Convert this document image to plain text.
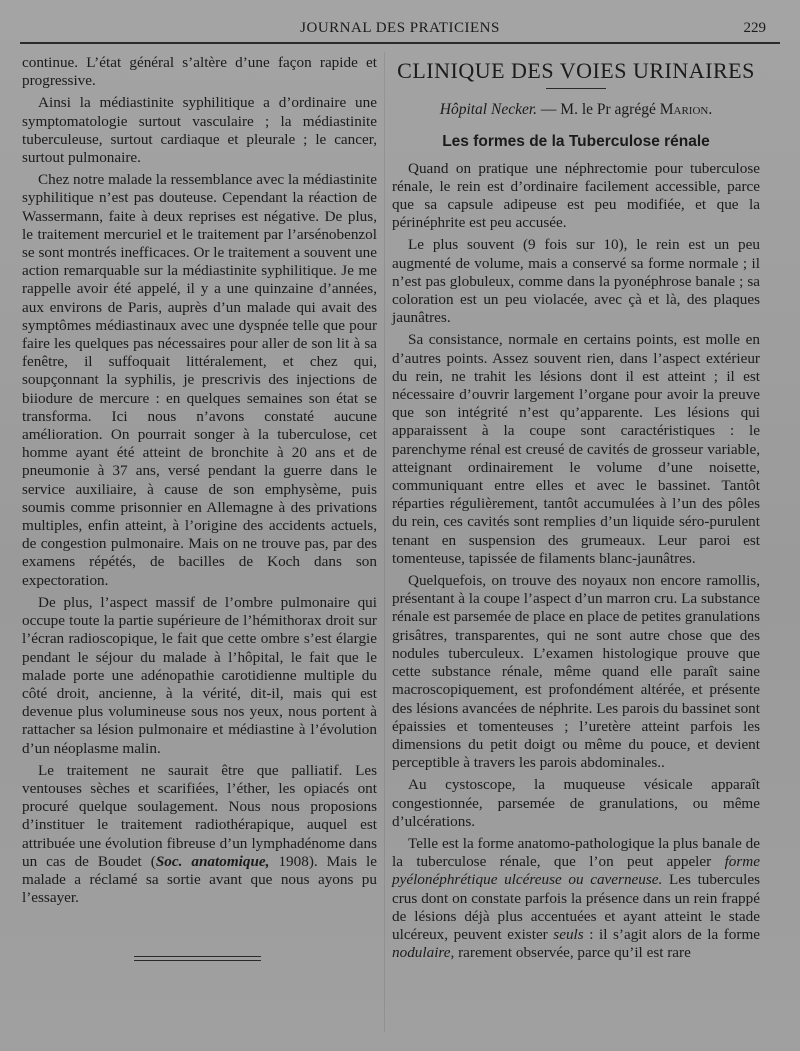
JOURNAL DES PRATICIENS	229

continue. L’état général s’altère d’une façon rapide et progressive.

Ainsi la médiastinite syphilitique a d’ordinaire une symptomatologie surtout vasculaire ; la médiastinite tuberculeuse, surtout cardiaque et pleurale ; le cancer, surtout pulmonaire.

Chez notre malade la ressemblance avec la médiastinite syphilitique n’est pas douteuse. Cependant la réaction de Wassermann, faite à deux reprises est négative. De plus, le traitement mercuriel et le traitement par l’arsénobenzol se sont montrés inefficaces. Or le traitement a souvent une action remarquable sur la médiastinite syphilitique. Je me rappelle avoir été appelé, il y a une quinzaine d’années, aux environs de Paris, auprès d’un malade qui avait des symptômes médiastinaux avec une dyspnée telle que pour faire les quelques pas nécessaires pour aller de son lit à sa fenêtre, il suffoquait littéralement, et chez qui, soupçonnant la syphilis, je prescrivis des injections de biiodure de mercure : en quelques semaines son état se transforma. Ici nous n’avons constaté aucune amélioration. On pourrait songer à la tuberculose, cet homme ayant été atteint de bronchite à 20 ans et de pneumonie à 37 ans, versé pendant la guerre dans le service auxiliaire, à cause de son emphysème, puis soumis comme prisonnier en Allemagne à des privations multiples, enfin atteint, à l’origine des accidents actuels, de congestion pulmonaire. Mais on ne trouve pas, par des examens répétés, de bacilles de Koch dans son expectoration.

De plus, l’aspect massif de l’ombre pulmonaire qui occupe toute la partie supérieure de l’hémithorax droit sur l’écran radioscopique, le fait que cette ombre s’est élargie pendant le séjour du malade à l’hôpital, le fait que le malade porte une adénopathie carotidienne multiple du côté droit, ancienne, à la vérité, dit-il, mais qui est devenue plus volumineuse sous nos yeux, nous portent à rattacher sa lésion pulmonaire et médiastine à l’évolution d’un néoplasme malin.

Le traitement ne saurait être que palliatif. Les ventouses sèches et scarifiées, l’éther, les opiacés ont procuré quelque soulagement. Nous nous proposions d’instituer le traitement radiothérapique, auquel est attribuée une évolution fibreuse d’un lymphadénome dans un cas de Boudet (Soc. anatomique, 1908). Mais le malade a réclamé sa sortie avant que nous ayons pu l’essayer.

CLINIQUE DES VOIES URINAIRES
Hôpital Necker. — M. le Pr agrégé Marion.
Les formes de la Tuberculose rénale

Quand on pratique une néphrectomie pour tuberculose rénale, le rein est d’ordinaire facilement accessible, parce que sa capsule adipeuse est peu modifiée, et que la périnéphrite est peu accusée.

Le plus souvent (9 fois sur 10), le rein est un peu augmenté de volume, mais a conservé sa forme normale ; il n’est pas globuleux, comme dans la pyonéphrose banale ; sa coloration est un peu violacée, avec çà et là, des plaques jaunâtres.

Sa consistance, normale en certains points, est molle en d’autres points. Assez souvent rien, dans l’aspect extérieur du rein, ne trahit les lésions dont il est atteint ; il est nécessaire d’ouvrir largement l’organe pour avoir la preuve que son intégrité n’est qu’apparente. Les lésions qui apparaissent à la coupe sont caractéristiques : le parenchyme rénal est creusé de cavités de grosseur variable, atteignant ordinairement le volume d’une noisette, communiquant entre elles et avec le bassinet. Tantôt réparties régulièrement, tantôt accumulées à l’un des pôles du rein, ces cavités sont remplies d’un liquide séro-purulent tenant en suspension des grumeaux. Leur paroi est tomenteuse, tapissée de filaments blanc-jaunâtres.

Quelquefois, on trouve des noyaux non encore ramollis, présentant à la coupe l’aspect d’un marron cru. La substance rénale est parsemée de place en place de petites granulations grisâtres, transparentes, qui ne sont autre chose que des nodules tuberculeux. L’examen histologique prouve que cette substance rénale, même quand elle paraît saine macroscopiquement, est profondément altérée, et présente des lésions avancées de néphrite. Les parois du bassinet sont épaissies et tomenteuses ; l’uretère atteint parfois les dimensions du petit doigt ou même du pouce, et devient perceptible à travers les parois abdominales..

Au cystoscope, la muqueuse vésicale apparaît congestionnée, parsemée de granulations, ou même d’ulcérations.

Telle est la forme anatomo-pathologique la plus banale de la tuberculose rénale, que l’on peut appeler forme pyélonéphrétique ulcéreuse ou caverneuse. Les tubercules crus dont on constate parfois la présence dans un rein frappé de lésions déjà plus accentuées et ayant atteint le stade ulcéreux, peuvent exister seuls : il s’agit alors de la forme nodulaire, rarement observée, parce qu’il est rare
